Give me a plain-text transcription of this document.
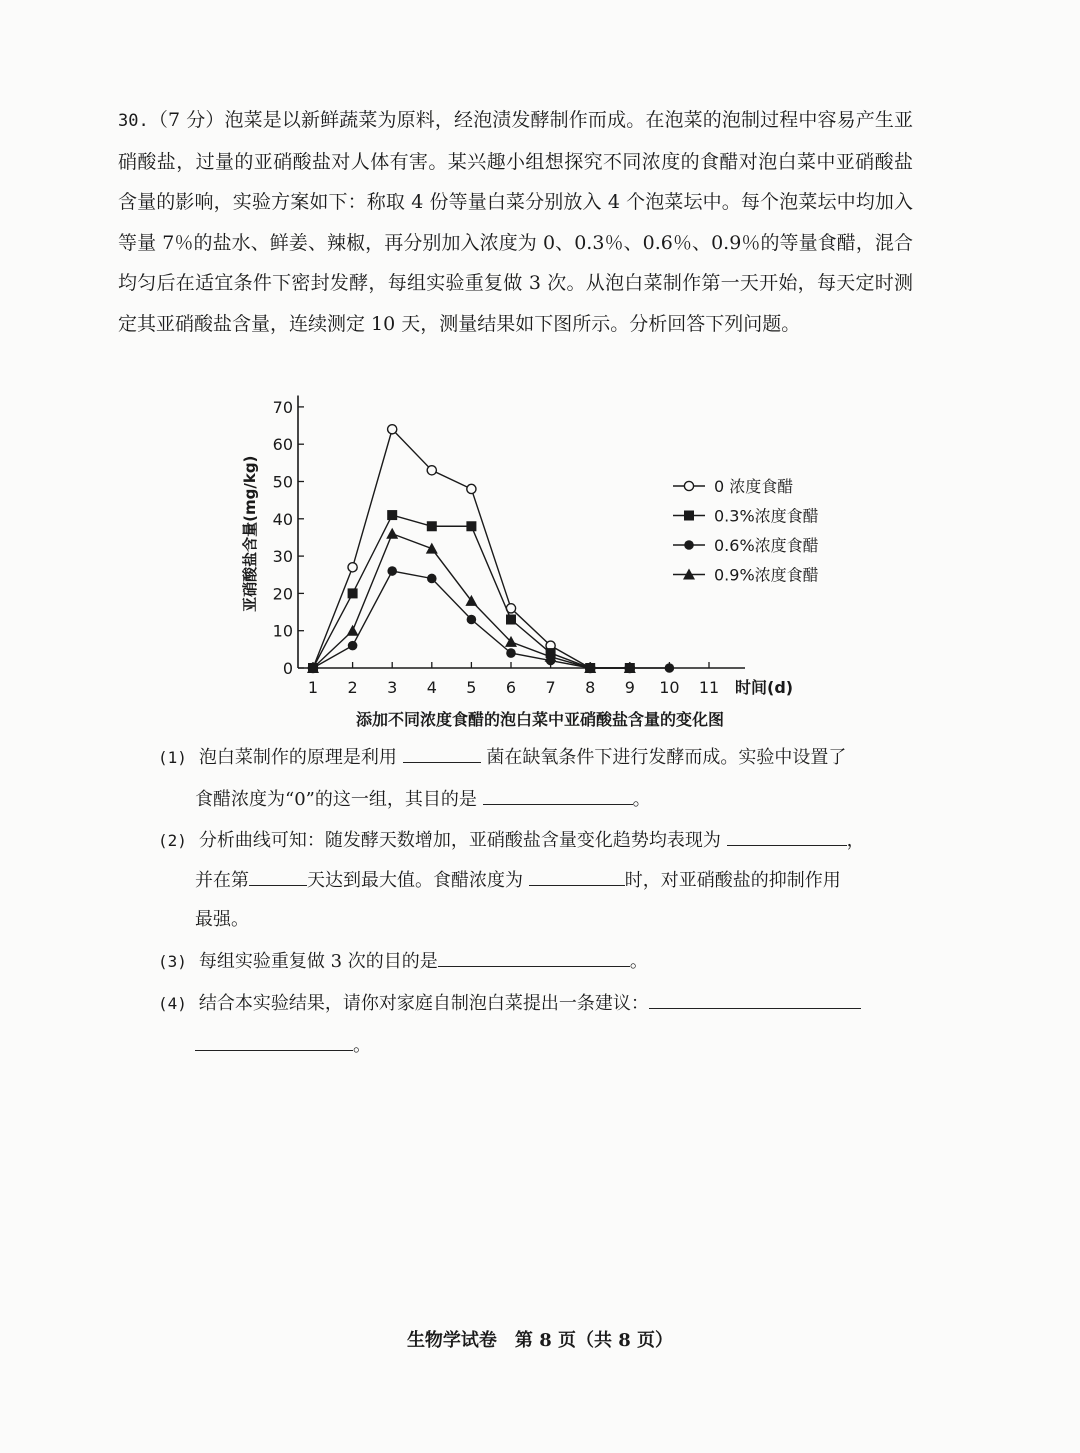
30.（7 分）泡菜是以新鲜蔬菜为原料，经泡渍发酵制作而成。在泡菜的泡制过程中容易产生亚硝酸盐，过量的亚硝酸盐对人体有害。某兴趣小组想探究不同浓度的食醋对泡白菜中亚硝酸盐含量的影响，实验方案如下：称取 4 份等量白菜分别放入 4 个泡菜坛中。每个泡菜坛中均加入等量 7％的盐水、鲜姜、辣椒，再分别加入浓度为 0、0.3％、0.6％、0.9％的等量食醋，混合均匀后在适宜条件下密封发酵，每组实验重复做 3 次。从泡白菜制作第一天开始，每天定时测定其亚硝酸盐含量，连续测定 10 天，测量结果如下图所示。分析回答下列问题。
0
10
20
30
40
50
60
70
1 2 3 4 5 6 7 8 9 10 11 时间(d)
亚硝酸盐含量(mg/kg)	0 浓度食醋
0.3%浓度食醋
0.6%浓度食醋
0.9%浓度食醋
添加不同浓度食醋的泡白菜中亚硝酸盐含量的变化图
(1) 泡白菜制作的原理是利用	菌在缺氧条件下进行发酵而成。实验中设置了
食醋浓度为“0”的这一组，其目的是	。
(2) 分析曲线可知：随发酵天数增加，亚硝酸盐含量变化趋势均表现为	，
并在第	天达到最大值。食醋浓度为	时，对亚硝酸盐的抑制作用
最强。
(3) 每组实验重复做 3 次的目的是	。
(4) 结合本实验结果，请你对家庭自制泡白菜提出一条建议：
。
生物学试卷　第 8 页（共 8 页）
